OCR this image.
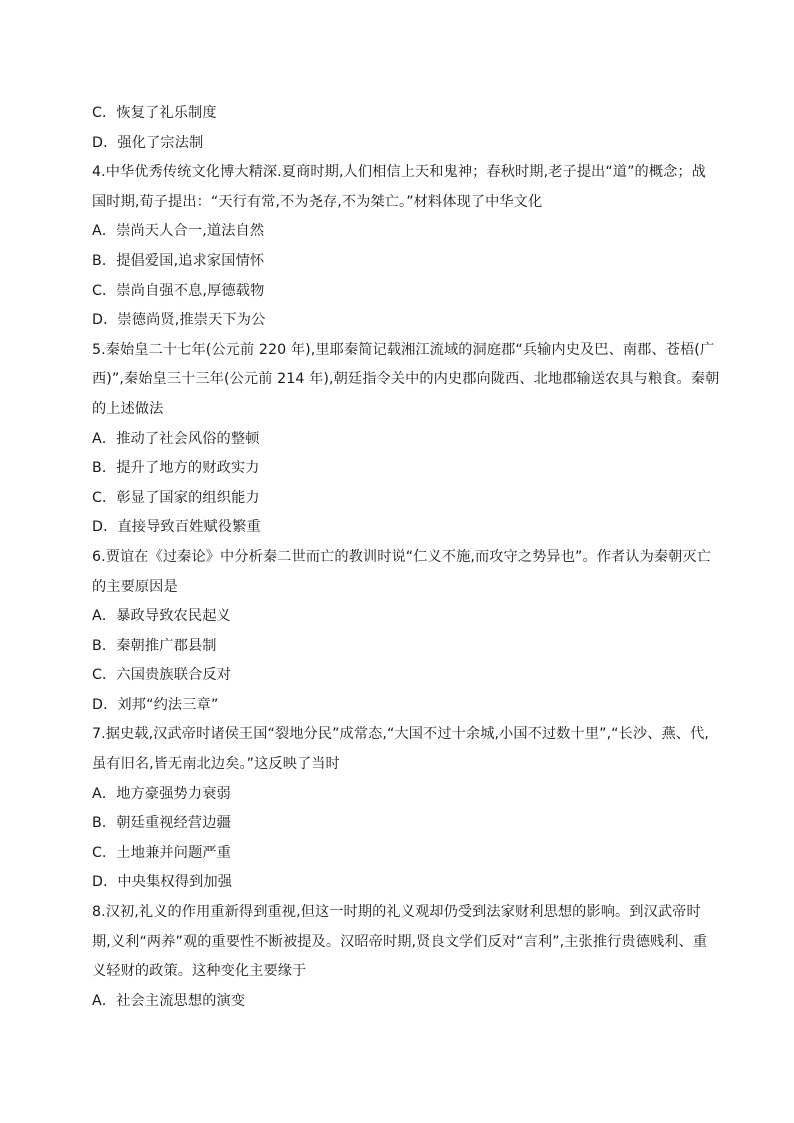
C．恢复了礼乐制度
D．强化了宗法制
4.中华优秀传统文化博大精深.夏商时期,人们相信上天和鬼神；春秋时期,老子提出“道”的概念；战
国时期,荀子提出：“天行有常,不为尧存,不为桀亡。”材料体现了中华文化
A．崇尚天人合一,道法自然
B．提倡爱国,追求家国情怀
C．崇尚自强不息,厚德载物
D．崇德尚贤,推崇天下为公
5.秦始皇二十七年(公元前 220 年),里耶秦简记载湘江流域的洞庭郡“兵输内史及巴、南郡、苍梧(广
西)”,秦始皇三十三年(公元前 214 年),朝廷指令关中的内史郡向陇西、北地郡输送农具与粮食。秦朝
的上述做法
A．推动了社会风俗的整顿
B．提升了地方的财政实力
C．彰显了国家的组织能力
D．直接导致百姓赋役繁重
6.贾谊在《过秦论》中分析秦二世而亡的教训时说“仁义不施,而攻守之势异也”。作者认为秦朝灭亡
的主要原因是
A．暴政导致农民起义
B．秦朝推广郡县制
C．六国贵族联合反对
D．刘邦“约法三章”
7.据史载,汉武帝时诸侯王国“裂地分民”成常态,“大国不过十余城,小国不过数十里”,“长沙、燕、代,
虽有旧名,皆无南北边矣。”这反映了当时
A．地方豪强势力衰弱
B．朝廷重视经营边疆
C．土地兼并问题严重
D．中央集权得到加强
8.汉初,礼义的作用重新得到重视,但这一时期的礼义观却仍受到法家财利思想的影响。到汉武帝时
期,义利“两养”观的重要性不断被提及。汉昭帝时期,贤良文学们反对“言利”,主张推行贵德贱利、重
义轻财的政策。这种变化主要缘于
A．社会主流思想的演变
